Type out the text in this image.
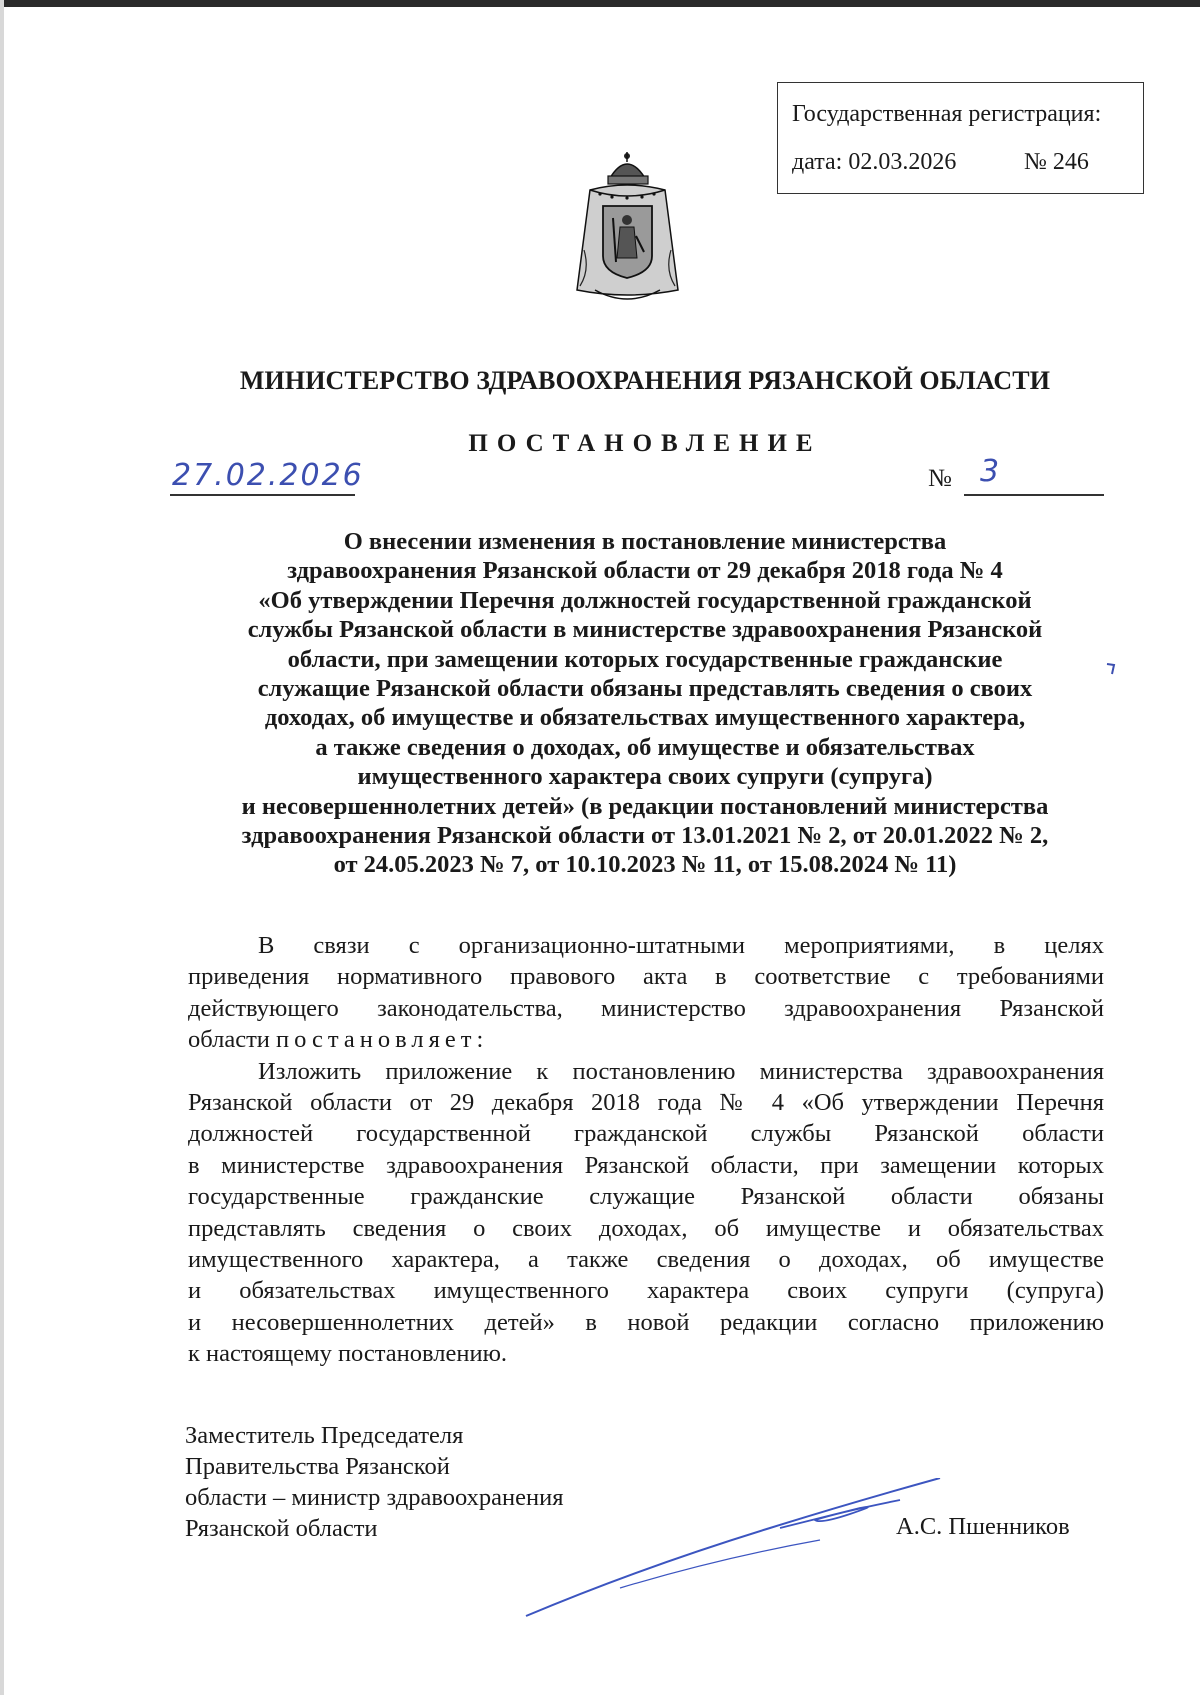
Государственная регистрация:
дата: 02.03.2026	№ 246
МИНИСТЕРСТВО ЗДРАВООХРАНЕНИЯ РЯЗАНСКОЙ ОБЛАСТИ
ПОСТАНОВЛЕНИЕ
27.02.2026	№ 3
О внесении изменения в постановление министерства
здравоохранения Рязанской области от 29 декабря 2018 года № 4
«Об утверждении Перечня должностей государственной гражданской
службы Рязанской области в министерстве здравоохранения Рязанской
области, при замещении которых государственные гражданские
служащие Рязанской области обязаны представлять сведения о своих
доходах, об имуществе и обязательствах имущественного характера,
а также сведения о доходах, об имуществе и обязательствах
имущественного характера своих супруги (супруга)
и несовершеннолетних детей» (в редакции постановлений министерства
здравоохранения Рязанской области от 13.01.2021 № 2, от 20.01.2022 № 2,
от 24.05.2023 № 7, от 10.10.2023 № 11, от 15.08.2024 № 11)
В связи с организационно-штатными мероприятиями, в целях
приведения нормативного правового акта в соответствие с требованиями
действующего законодательства, министерство здравоохранения Рязанской
области постановляет:
Изложить приложение к постановлению министерства здравоохранения
Рязанской области от 29 декабря 2018 года № 4 «Об утверждении Перечня
должностей государственной гражданской службы Рязанской области
в министерстве здравоохранения Рязанской области, при замещении которых
государственные гражданские служащие Рязанской области обязаны
представлять сведения о своих доходах, об имуществе и обязательствах
имущественного характера, а также сведения о доходах, об имуществе
и обязательствах имущественного характера своих супруги (супруга)
и несовершеннолетних детей» в новой редакции согласно приложению
к настоящему постановлению.
Заместитель Председателя
Правительства Рязанской
области – министр здравоохранения
Рязанской области	А.С. Пшенников
